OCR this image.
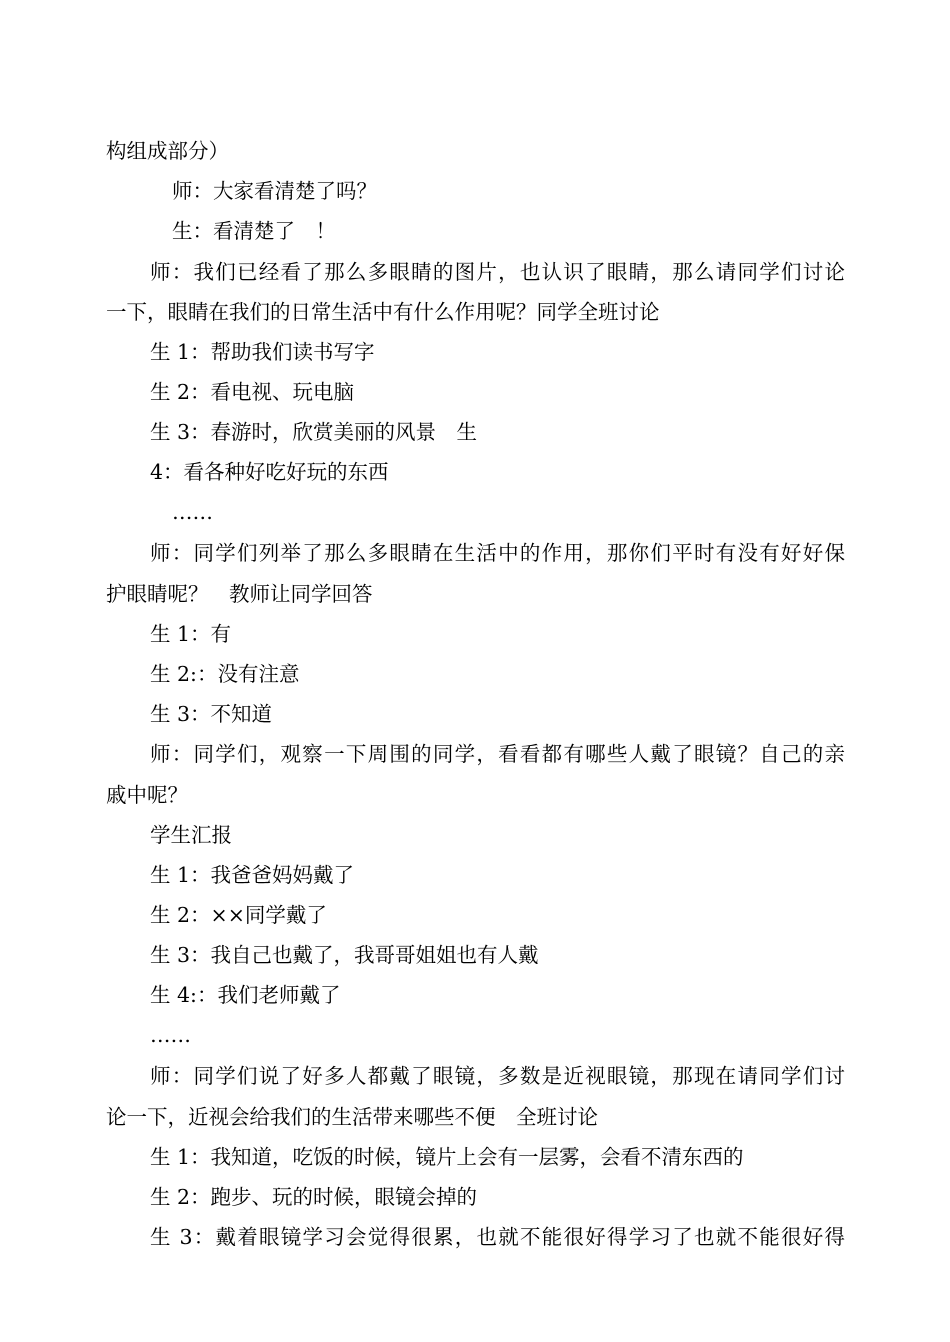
构组成部分）
师：大家看清楚了吗？
生：看清楚了　！
师：我们已经看了那么多眼睛的图片，也认识了眼睛，那么请同学们讨论
一下，眼睛在我们的日常生活中有什么作用呢？同学全班讨论
生 1：帮助我们读书写字
生 2：看电视、玩电脑
生 3：春游时，欣赏美丽的风景　生
4：看各种好吃好玩的东西
……
师：同学们列举了那么多眼睛在生活中的作用，那你们平时有没有好好保
护眼睛呢？　教师让同学回答
生 1：有
生 2:：没有注意
生 3：不知道
师：同学们，观察一下周围的同学，看看都有哪些人戴了眼镜？自己的亲
戚中呢？
学生汇报
生 1：我爸爸妈妈戴了
生 2：××同学戴了
生 3：我自己也戴了，我哥哥姐姐也有人戴
生 4:：我们老师戴了
……
师：同学们说了好多人都戴了眼镜，多数是近视眼镜，那现在请同学们讨
论一下，近视会给我们的生活带来哪些不便　全班讨论
生 1：我知道，吃饭的时候，镜片上会有一层雾，会看不清东西的
生 2：跑步、玩的时候，眼镜会掉的
生 3：戴着眼镜学习会觉得很累，也就不能很好得学习了也就不能很好得
